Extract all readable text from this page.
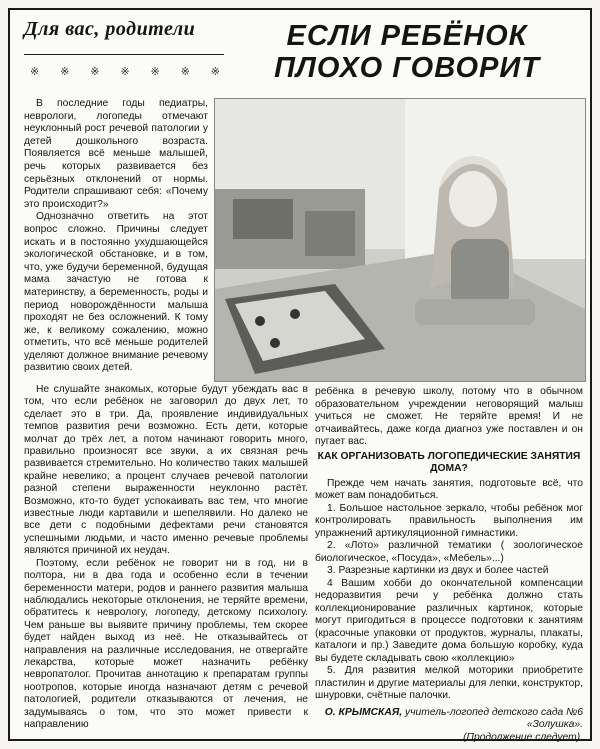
Для вас, родители
※ ※ ※ ※ ※ ※ ※
ЕСЛИ РЕБЁНОК
ПЛОХО ГОВОРИТ

В последние годы педиатры, неврологи, логопеды отмечают неуклонный рост речевой патологии у детей дошкольного возраста. Появляется всё меньше малышей, речь которых развивается без серьёзных отклонений от нормы. Родители спрашивают себя: «Почему это происходит?»

Однозначно ответить на этот вопрос сложно. Причины следует искать и в постоянно ухудшающейся экологической обстановке, и в том, что, уже будучи беременной, будущая мама зачастую не готова к материнству, а беременность, роды и период новорождённости малыша проходят не без осложнений. К тому же, к великому сожалению, можно отметить, что всё меньше родителей уделяют должное внимание речевому развитию своих детей.

Не слушайте знакомых, которые будут убеждать вас в том, что если ребёнок не заговорил до двух лет, то сделает это в три. Да, проявление индивидуальных темпов развития речи возможно. Есть дети, которые молчат до трёх лет, а потом начинают говорить много, правильно произносят все звуки, а их связная речь развивается стремительно. Но количество таких малышей крайне невелико, а процент случаев речевой патологии разной степени выраженности неуклонно растёт. Возможно, кто-то будет успокаивать вас тем, что многие известные люди картавили и шепелявили. Но далеко не все дети с подобными дефектами речи становятся успешными людьми, и часто именно речевые проблемы являются причиной их неудач.

Поэтому, если ребёнок не говорит ни в год, ни в полтора, ни в два года и особенно если в течении беременности матери, родов и раннего развития малыша наблюдались некоторые отклонения, не теряйте времени, обратитесь к неврологу, логопеду, детскому психологу. Чем раньше вы выявите причину проблемы, тем скорее будет найден выход из неё. Не отказывайтесь от направления на различные исследования, не отвергайте лекарства, которые может назначить ребёнку невропатолог. Прочитав аннотацию к препаратам группы ноотропов, которые иногда назначают детям с речевой патологией, родители отказываются от лечения, не задумываясь о том, что это может привести к направлению

ребёнка в речевую школу, потому что в обычном образовательном учреждении неговорящий малыш учиться не сможет. Не теряйте время! И не отчаивайтесь, даже когда диагноз уже поставлен и он пугает вас.

КАК ОРГАНИЗОВАТЬ ЛОГОПЕДИЧЕСКИЕ ЗАНЯТИЯ ДОМА?

Прежде чем начать занятия, подготовьте всё, что может вам понадобиться.

1. Большое настольное зеркало, чтобы ребёнок мог контролировать правильность выполнения им упражнений артикуляционной гимнастики.

2. «Лото» различной тематики ( зоологическое биологическое, «Посуда», «Мебель»...)

3. Разрезные картинки из двух и более частей

4 Вашим хобби до окончательной компенсации недоразвития речи у ребёнка должно стать коллекционирование различных картинок, которые могут пригодиться в процессе подготовки к занятиям (красочные упаковки от продуктов, журналы, плакаты, каталоги и пр.) Заведите дома большую коробку, куда вы будете складывать свою «коллекцию»

5. Для развития мелкой моторики приобретите пластилин и другие материалы для лепки, конструктор, шнуровки, счётные палочки.

О. КРЫМСКАЯ, учитель-логопед детского сада №6 «Золушка».

(Продолжение следует).
